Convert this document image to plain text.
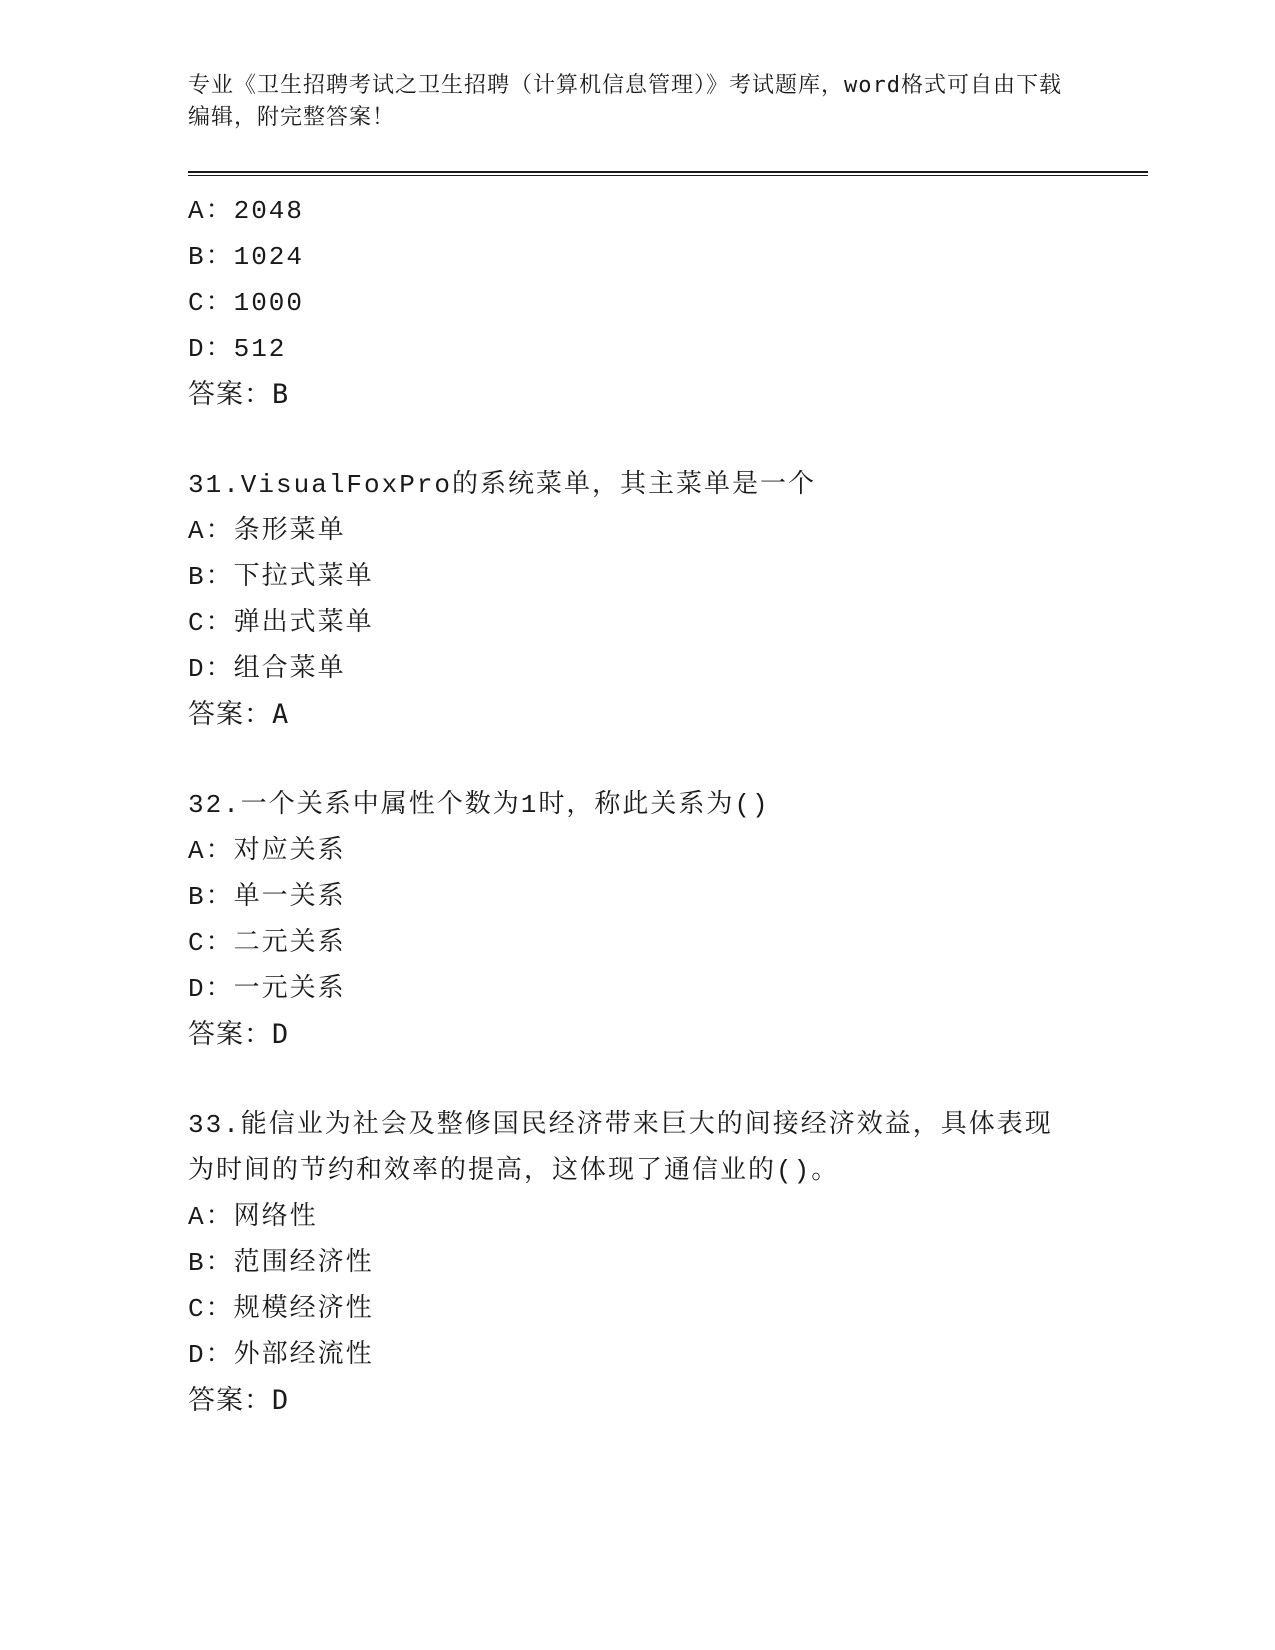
专业《卫生招聘考试之卫生招聘（计算机信息管理）》考试题库，word格式可自由下载编辑，附完整答案！
A：2048
B：1024
C：1000
D：512
答案：B
31.VisualFoxPro的系统菜单，其主菜单是一个
A：条形菜单
B：下拉式菜单
C：弹出式菜单
D：组合菜单
答案：A
32.一个关系中属性个数为1时，称此关系为()
A：对应关系
B：单一关系
C：二元关系
D：一元关系
答案：D
33.能信业为社会及整修国民经济带来巨大的间接经济效益，具体表现
为时间的节约和效率的提高，这体现了通信业的()。
A：网络性
B：范围经济性
C：规模经济性
D：外部经流性
答案：D
